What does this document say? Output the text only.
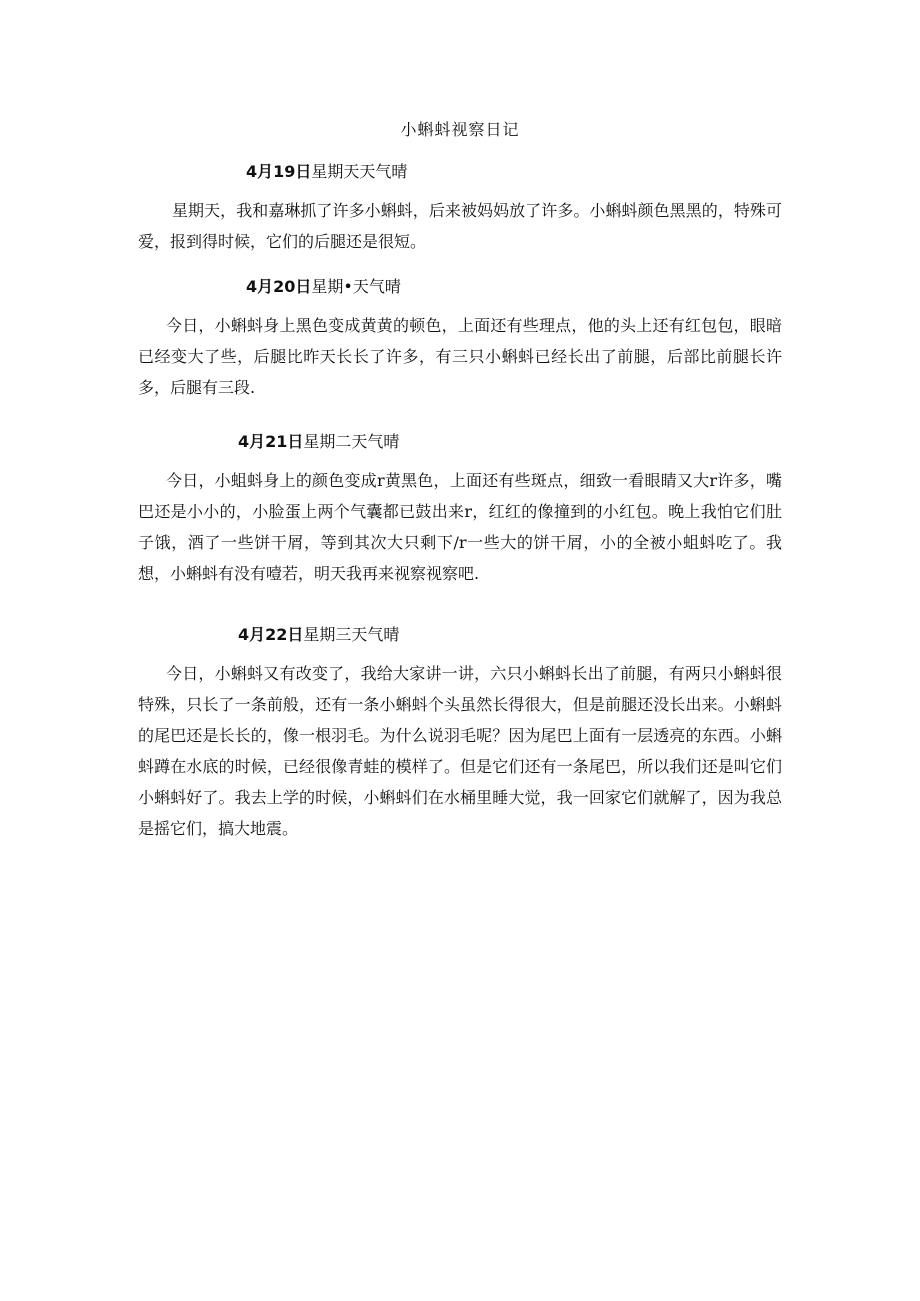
小蝌蚪视察日记
4月19日星期天天气晴

星期天，我和嘉琳抓了许多小蝌蚪，后来被妈妈放了许多。小蝌蚪颜色黑黑的，特殊可爱，报到得时候，它们的后腿还是很短。

4月20日星期•天气晴

今日，小蝌蚪身上黑色变成黄黄的顿色，上面还有些理点，他的头上还有红包包，眼暗已经变大了些，后腿比昨天长长了许多，有三只小蝌蚪已经长出了前腿，后部比前腿长许多，后腿有三段.

4月21日星期二天气晴

今日，小蛆蚪身上的颜色变成r黄黑色，上面还有些斑点，细致一看眼睛又大r许多，嘴巴还是小小的，小脸蛋上两个气囊都已鼓出来r，红红的像撞到的小红包。晚上我怕它们肚子饿，酒了一些饼干屑，等到其次大只剩下/r一些大的饼干屑，小的全被小蛆蚪吃了。我想，小蝌蚪有没有噎若，明天我再来视察视察吧.

4月22日星期三天气晴

今日，小蝌蚪又有改变了，我给大家讲一讲，六只小蝌蚪长出了前腿，有两只小蝌蚪很特殊，只长了一条前般，还有一条小蝌蚪个头虽然长得很大，但是前腿还没长出来。小蝌蚪的尾巴还是长长的，像一根羽毛。为什么说羽毛呢？因为尾巴上面有一层透亮的东西。小蝌蚪蹲在水底的时候，已经很像青蛙的模样了。但是它们还有一条尾巴，所以我们还是叫它们小蝌蚪好了。我去上学的时候，小蝌蚪们在水桶里睡大觉，我一回家它们就解了，因为我总是摇它们，搞大地震。
